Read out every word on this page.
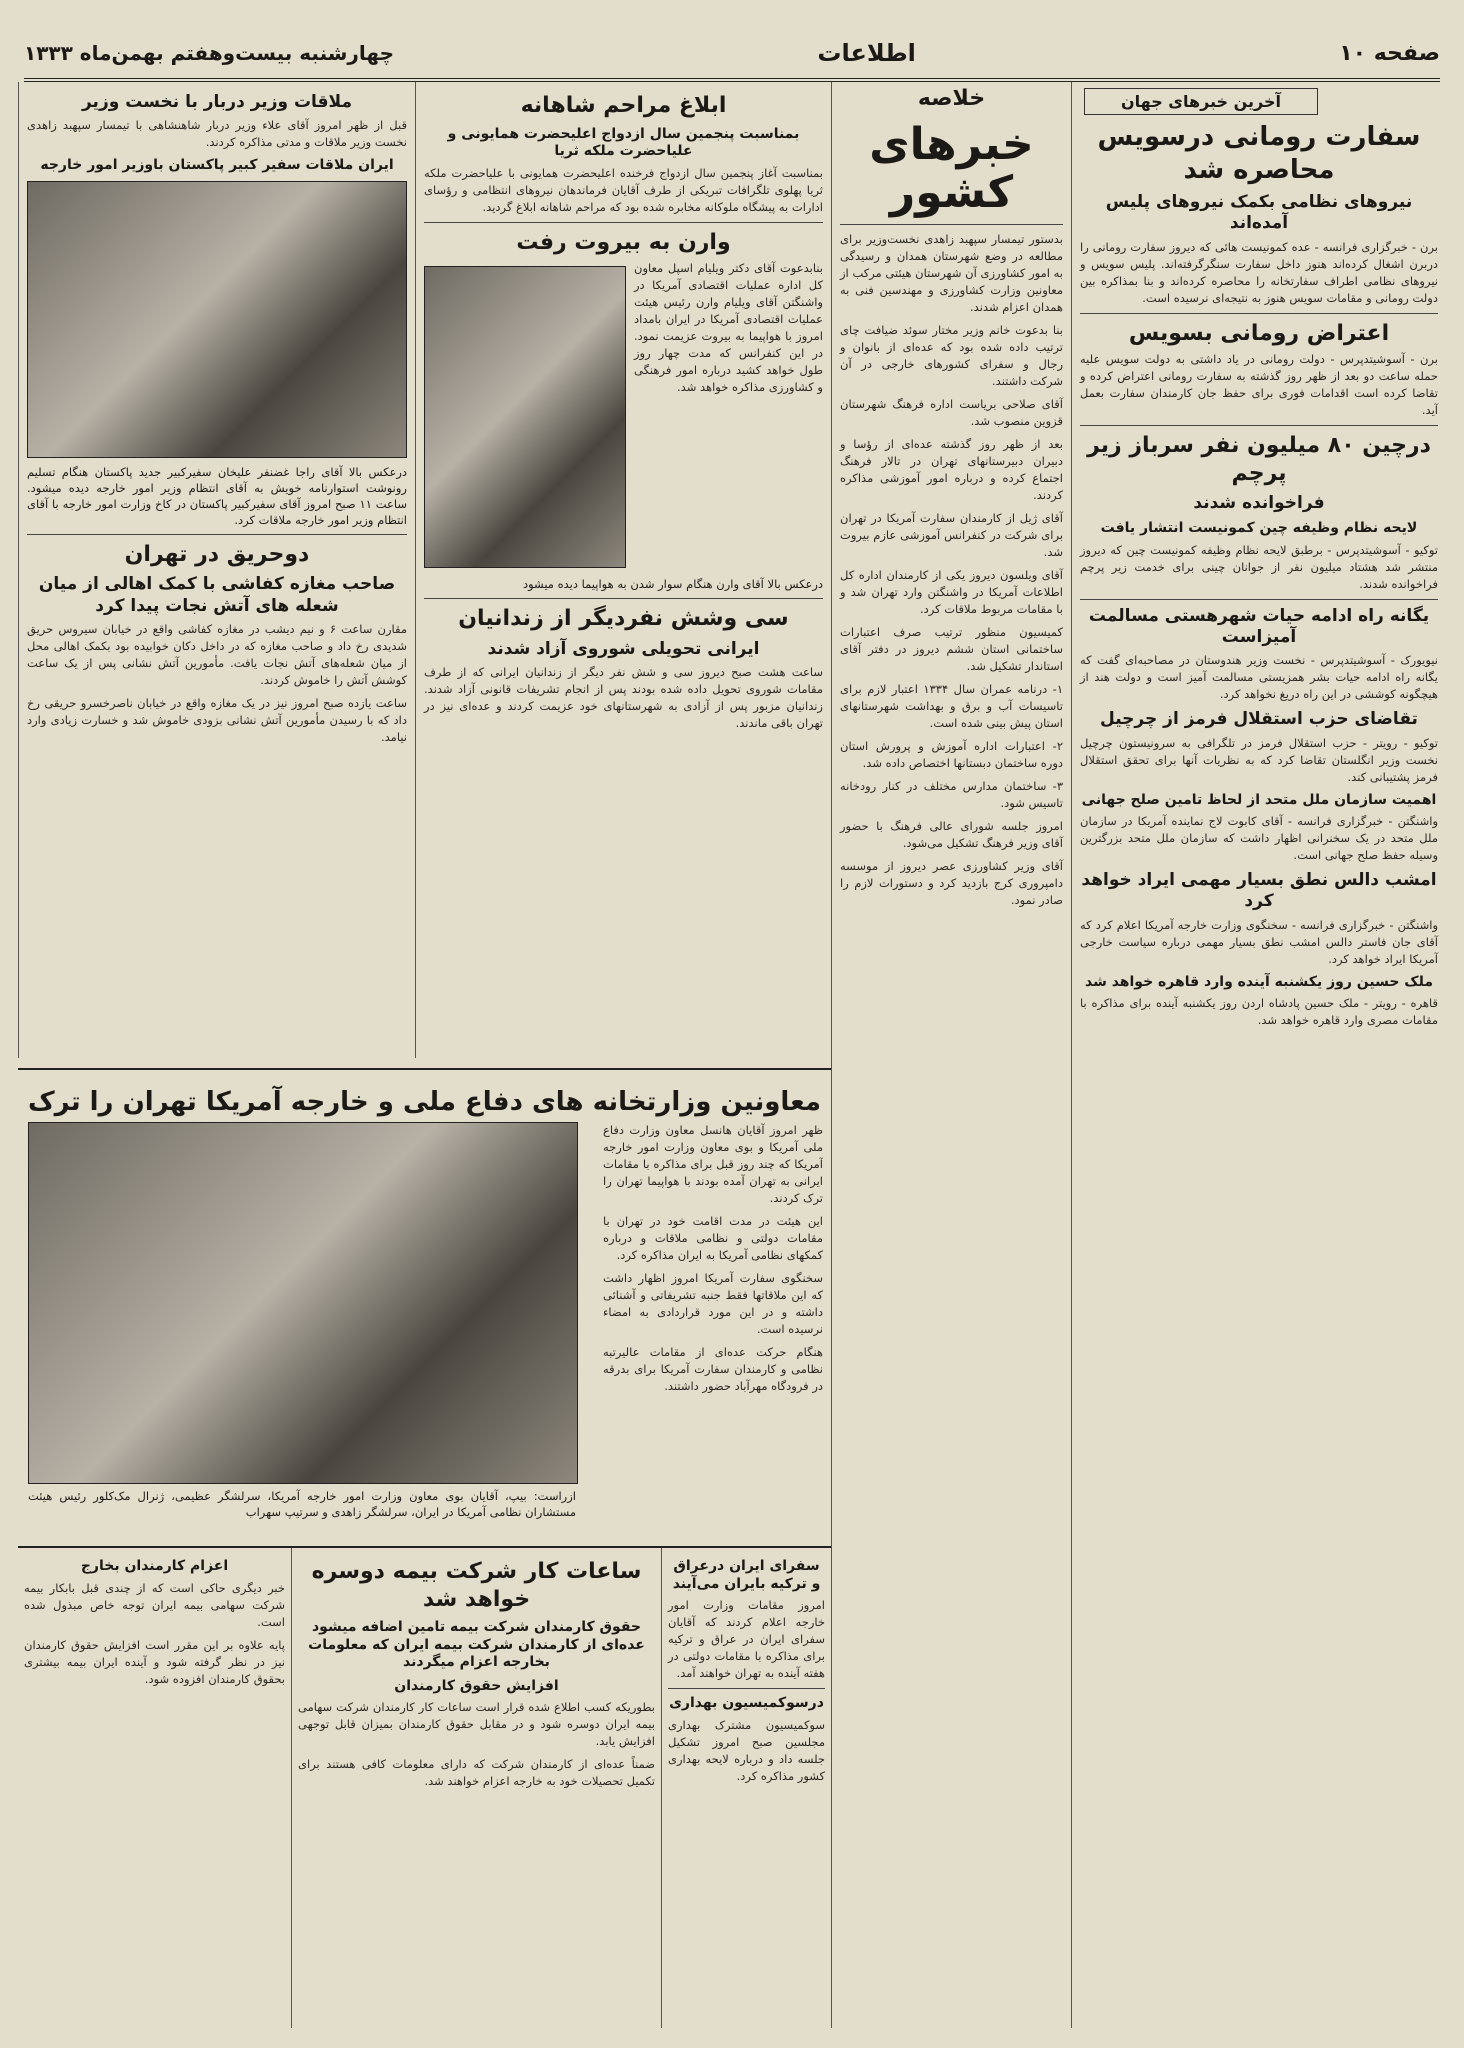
صفحه ۱۰
اطلاعات
چهارشنبه بیست‌وهفتم بهمن‌ماه ۱۳۳۳
آخرین خبرهای جهان
سفارت رومانی درسویس محاصره شد
نیروهای نظامی بکمک نیروهای پلیس آمده‌اند

برن - خبرگزاری فرانسه - عده کمونیست هائی که دیروز سفارت رومانی را دربرن اشغال کرده‌اند هنوز داخل سفارت سنگرگرفته‌اند. پلیس سویس و نیروهای نظامی اطراف سفارتخانه را محاصره کرده‌اند و بنا بمذاکره بین دولت رومانی و مقامات سویس هنوز به نتیجه‌ای نرسیده است.

اعتراض رومانی بسویس

برن - آسوشیتدپرس - دولت رومانی در یاد داشتی به دولت سویس علیه حمله ساعت دو بعد از ظهر روز گذشته به سفارت رومانی اعتراض کرده و تقاضا کرده است اقدامات فوری برای حفظ جان کارمندان سفارت بعمل آید.

درچین ۸۰ میلیون نفر سرباز زیر پرچم
فراخوانده شدند
لایحه نظام وظیفه چین کمونیست انتشار یافت

توکیو - آسوشیتدپرس - برطبق لایحه نظام وظیفه کمونیست چین که دیروز منتشر شد هشتاد میلیون نفر از جوانان چینی برای خدمت زیر پرچم فراخوانده شدند.

یگانه راه ادامه حیات شهرهستی مسالمت آمیزاست

نیویورک - آسوشیتدپرس - نخست وزیر هندوستان در مصاحبه‌ای گفت که یگانه راه ادامه حیات بشر همزیستی مسالمت آمیز است و دولت هند از هیچگونه کوششی در این راه دریغ نخواهد کرد.

تقاضای حزب استقلال فرمز از چرچیل

توکیو - رویتر - حزب استقلال فرمز در تلگرافی به سرونیستون چرچیل نخست وزیر انگلستان تقاضا کرد که به نظریات آنها برای تحقق استقلال فرمز پشتیبانی کند.

اهمیت سازمان ملل متحد از لحاظ تامین صلح جهانی

واشنگتن - خبرگزاری فرانسه - آقای کابوت لاج نماینده آمریکا در سازمان ملل متحد در یک سخنرانی اظهار داشت که سازمان ملل متحد بزرگترین وسیله حفظ صلح جهانی است.

امشب دالس نطق بسیار مهمی ایراد خواهد کرد

واشنگتن - خبرگزاری فرانسه - سخنگوی وزارت خارجه آمریکا اعلام کرد که آقای جان فاستر دالس امشب نطق بسیار مهمی درباره سیاست خارجی آمریکا ایراد خواهد کرد.

ملک حسین روز یکشنبه آینده وارد قاهره خواهد شد

قاهره - رویتر - ملک حسین پادشاه اردن روز یکشنبه آینده برای مذاکره با مقامات مصری وارد قاهره خواهد شد.

خلاصه
خبرهای کشور

بدستور تیمسار سپهبد زاهدی نخست‌وزیر برای مطالعه در وضع شهرستان همدان و رسیدگی به امور کشاورزی آن شهرستان هیئتی مرکب از معاونین وزارت کشاورزی و مهندسین فنی به همدان اعزام شدند.

بنا بدعوت خانم وزیر مختار سوئد ضیافت چای ترتیب داده شده بود که عده‌ای از بانوان و رجال و سفرای کشورهای خارجی در آن شرکت داشتند.

آقای صلاحی بریاست اداره فرهنگ شهرستان قزوین منصوب شد.

بعد از ظهر روز گذشته عده‌ای از رؤسا و دبیران دبیرستانهای تهران در تالار فرهنگ اجتماع کرده و درباره امور آموزشی مذاکره کردند.

آقای ژیل از کارمندان سفارت آمریکا در تهران برای شرکت در کنفرانس آموزشی عازم بیروت شد.

آقای ویلسون دیروز یکی از کارمندان اداره کل اطلاعات آمریکا در واشنگتن وارد تهران شد و با مقامات مربوط ملاقات کرد.

کمیسیون منظور ترتیب صرف اعتبارات ساختمانی استان ششم دیروز در دفتر آقای استاندار تشکیل شد.

۱- درنامه عمران سال ۱۳۳۴ اعتبار لازم برای تاسیسات آب و برق و بهداشت شهرستانهای استان پیش بینی شده است.

۲- اعتبارات اداره آموزش و پرورش استان دوره ساختمان دبستانها اختصاص داده شد.

۳- ساختمان مدارس مختلف در کنار رودخانه تاسیس شود.

امروز جلسه شورای عالی فرهنگ با حضور آقای وزیر فرهنگ تشکیل می‌شود.

آقای وزیر کشاورزی عصر دیروز از موسسه دامپروری کرج بازدید کرد و دستورات لازم را صادر نمود.

ابلاغ مراحم شاهانه
بمناسبت پنجمین سال ازدواج اعلیحضرت همایونی و علیاحضرت ملکه ثریا

بمناسبت آغاز پنجمین سال ازدواج فرخنده اعلیحضرت همایونی با علیاحضرت ملکه ثریا پهلوی تلگرافات تبریکی از طرف آقایان فرماندهان نیروهای انتظامی و رؤسای ادارات به پیشگاه ملوکانه مخابره شده بود که مراحم شاهانه ابلاغ گردید.

وارن به بیروت رفت

بنابدعوت آقای دکتر ویلیام اسپل معاون کل اداره عملیات اقتصادی آمریکا در واشنگتن آقای ویلیام وارن رئیس هیئت عملیات اقتصادی آمریکا در ایران بامداد امروز با هواپیما به بیروت عزیمت نمود. در این کنفرانس که مدت چهار روز طول خواهد کشید درباره امور فرهنگی و کشاورزی مذاکره خواهد شد.

درعکس بالا آقای وارن هنگام سوار شدن به هواپیما دیده میشود

سی وشش نفردیگر از زندانیان
ایرانی تحویلی شوروی آزاد شدند

ساعت هشت صبح دیروز سی و شش نفر دیگر از زندانیان ایرانی که از طرف مقامات شوروی تحویل داده شده بودند پس از انجام تشریفات قانونی آزاد شدند. زندانیان مزبور پس از آزادی به شهرستانهای خود عزیمت کردند و عده‌ای نیز در تهران باقی ماندند.

ملاقات وزیر دربار با نخست وزیر

قبل از ظهر امروز آقای علاء وزیر دربار شاهنشاهی با تیمسار سپهبد زاهدی نخست وزیر ملاقات و مدتی مذاکره کردند.

ایران ملاقات سفیر کبیر پاکستان باوزیر امور خارجه

درعکس بالا آقای راجا غضنفر علیخان سفیرکبیر جدید پاکستان هنگام تسلیم رونوشت استوارنامه خویش به آقای انتظام وزیر امور خارجه دیده میشود. ساعت ۱۱ صبح امروز آقای سفیرکبیر پاکستان در کاخ وزارت امور خارجه با آقای انتظام وزیر امور خارجه ملاقات کرد.

دوحریق در تهران
صاحب مغازه کفاشی با کمک اهالی از میان شعله های آتش نجات پیدا کرد

مقارن ساعت ۶ و نیم دیشب در مغازه کفاشی واقع در خیابان سیروس حریق شدیدی رخ داد و صاحب مغازه که در داخل دکان خوابیده بود بکمک اهالی محل از میان شعله‌های آتش نجات یافت. مأمورین آتش نشانی پس از یک ساعت کوشش آتش را خاموش کردند.

ساعت یازده صبح امروز نیز در یک مغازه واقع در خیابان ناصرخسرو حریقی رخ داد که با رسیدن مأمورین آتش نشانی بزودی خاموش شد و خسارت زیادی وارد نیامد.

معاونین وزارتخانه های دفاع ملی و خارجه آمریکا تهران را ترک

ظهر امروز آقایان هانسل معاون وزارت دفاع ملی آمریکا و بوی معاون وزارت امور خارجه آمریکا که چند روز قبل برای مذاکره با مقامات ایرانی به تهران آمده بودند با هواپیما تهران را ترک کردند.

این هیئت در مدت اقامت خود در تهران با مقامات دولتی و نظامی ملاقات و درباره کمکهای نظامی آمریکا به ایران مذاکره کرد.

سخنگوی سفارت آمریکا امروز اظهار داشت که این ملاقاتها فقط جنبه تشریفاتی و آشنائی داشته و در این مورد قراردادی به امضاء نرسیده است.

هنگام حرکت عده‌ای از مقامات عالیرتبه نظامی و کارمندان سفارت آمریکا برای بدرقه در فرودگاه مهرآباد حضور داشتند.

ازراست: بیپ، آقایان بوی معاون وزارت امور خارجه آمریکا، سرلشگر عظیمی، ژنرال مک‌کلور رئیس هیئت مستشاران نظامی آمریکا در ایران، سرلشگر زاهدی و سرتیپ سهراب

سفرای ایران درعراق و ترکیه بایران می‌آیند

امروز مقامات وزارت امور خارجه اعلام کردند که آقایان سفرای ایران در عراق و ترکیه برای مذاکره با مقامات دولتی در هفته آینده به تهران خواهند آمد.

درسوکمیسیون بهداری

سوکمیسیون مشترک بهداری مجلسین صبح امروز تشکیل جلسه داد و درباره لایحه بهداری کشور مذاکره کرد.

ساعات کار شرکت بیمه دوسره خواهد شد
حقوق کارمندان شرکت بیمه تامین اضافه میشود عده‌ای از کارمندان شرکت بیمه ایران که معلومات بخارجه اعزام میگردند
افزایش حقوق کارمندان

بطوریکه کسب اطلاع شده قرار است ساعات کار کارمندان شرکت سهامی بیمه ایران دوسره شود و در مقابل حقوق کارمندان بمیزان قابل توجهی افزایش یابد.

ضمناً عده‌ای از کارمندان شرکت که دارای معلومات کافی هستند برای تکمیل تحصیلات خود به خارجه اعزام خواهند شد.

اعزام کارمندان بخارج

خبر دیگری حاکی است که از چندی قبل بابکار بیمه شرکت سهامی بیمه ایران توجه خاص مبذول شده است.

پایه علاوه بر این مقرر است افزایش حقوق کارمندان نیز در نظر گرفته شود و آینده ایران بیمه بیشتری بحقوق کارمندان افزوده شود.
